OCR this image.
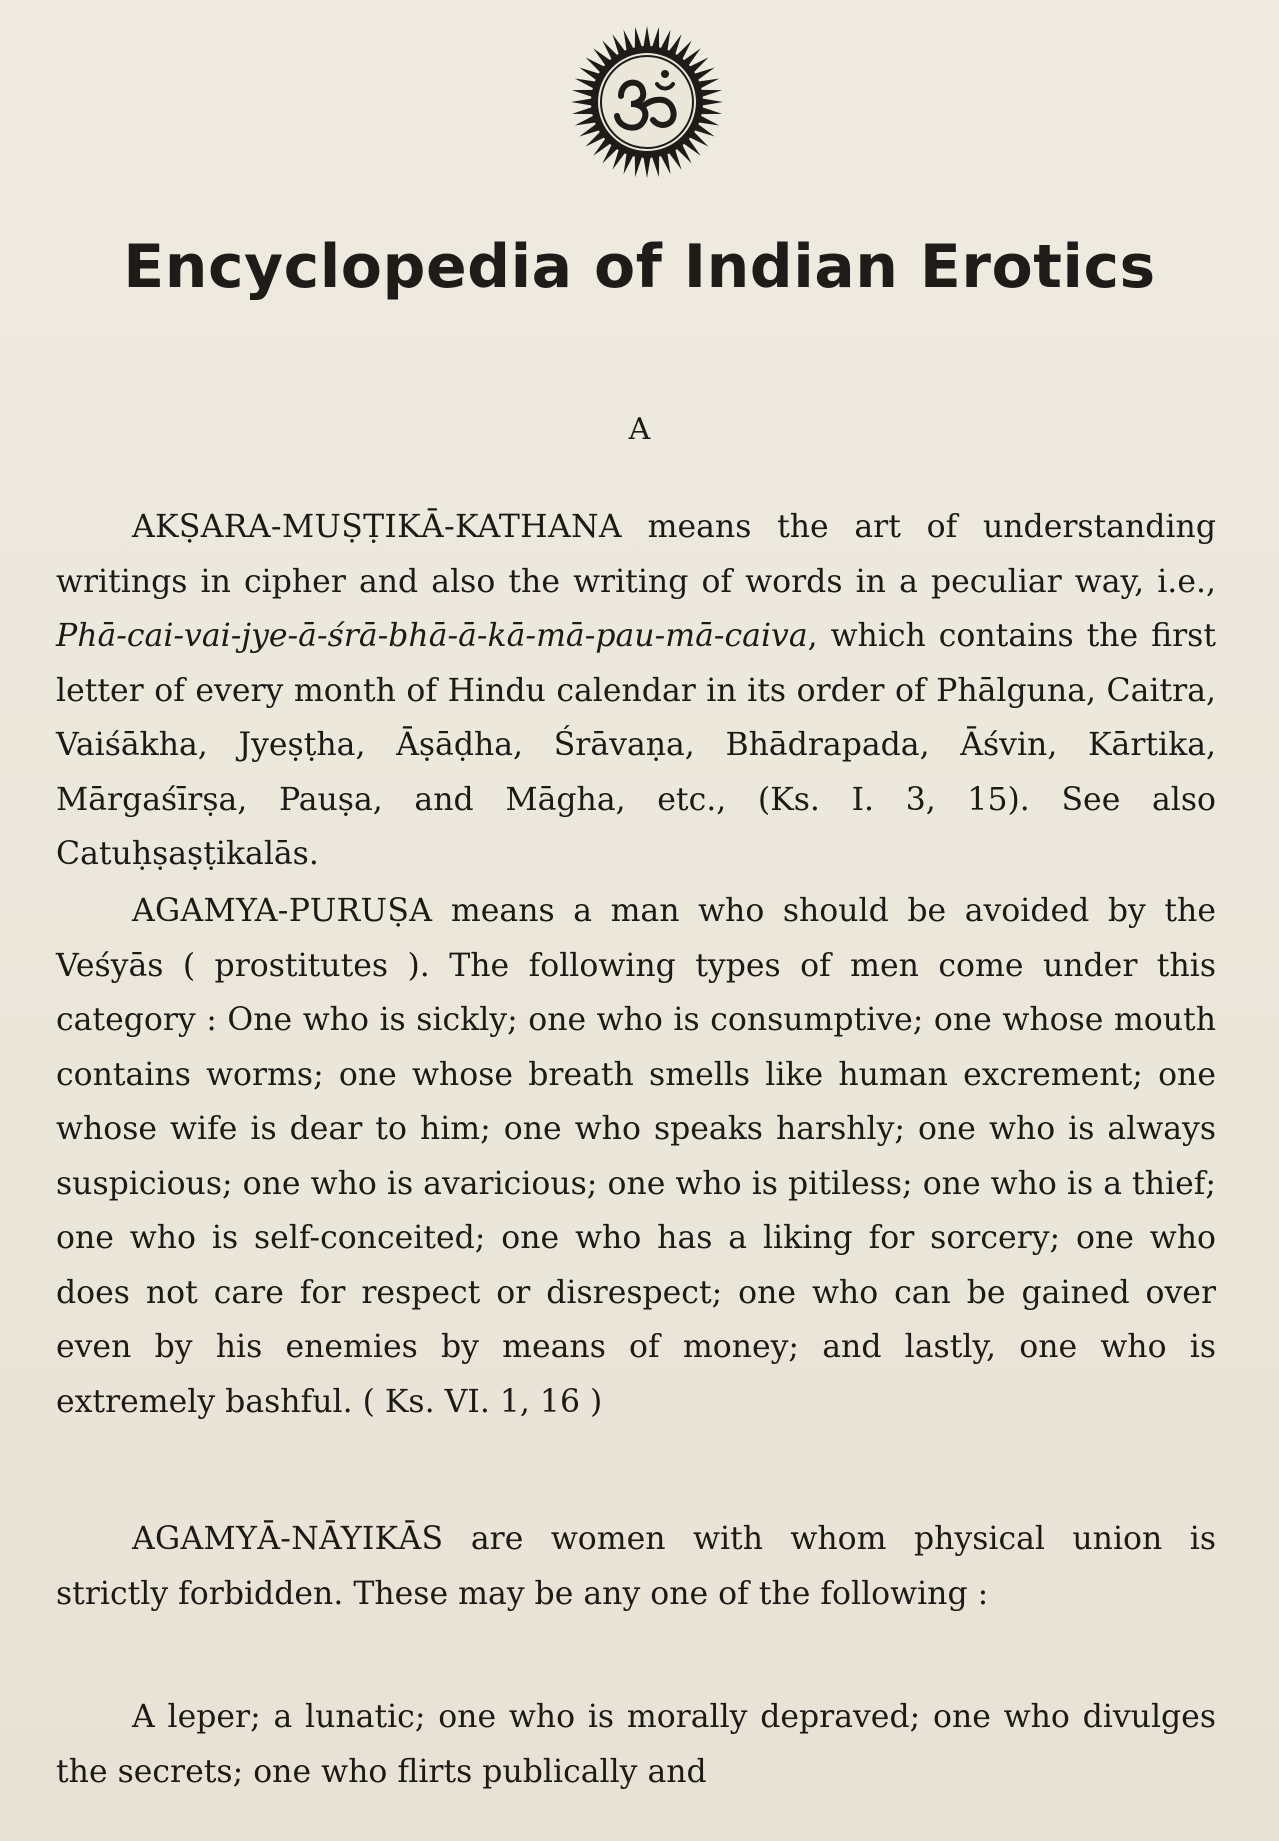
Encyclopedia of Indian Erotics
A

AKṢARA-MUṢṬIKĀ-KATHANA means the art of understanding writings in cipher and also the writing of words in a peculiar way, i.e., Phā-cai-vai-jye-ā-śrā-bhā-ā-kā-mā-pau-mā-caiva, which contains the first letter of every month of Hindu calendar in its order of Phālguna, Caitra, Vaiśākha, Jyeṣṭha, Āṣāḍha, Śrāvaṇa, Bhādrapada, Āśvin, Kārtika, Mārgaśīrṣa, Pauṣa, and Māgha, etc., (Ks. I. 3, 15). See also Catuḥṣaṣṭikalās.

AGAMYA-PURUṢA means a man who should be avoided by the Veśyās ( prostitutes ). The following types of men come under this category : One who is sickly; one who is consumptive; one whose mouth contains worms; one whose breath smells like human excrement; one whose wife is dear to him; one who speaks harshly; one who is always suspicious; one who is avaricious; one who is pitiless; one who is a thief; one who is self-conceited; one who has a liking for sorcery; one who does not care for respect or disrespect; one who can be gained over even by his enemies by means of money; and lastly, one who is extremely bashful. ( Ks. VI. 1, 16 )

AGAMYĀ-NĀYIKĀS are women with whom physical union is strictly forbidden. These may be any one of the following :

A leper; a lunatic; one who is morally depraved; one who divulges the secrets; one who flirts publically and
